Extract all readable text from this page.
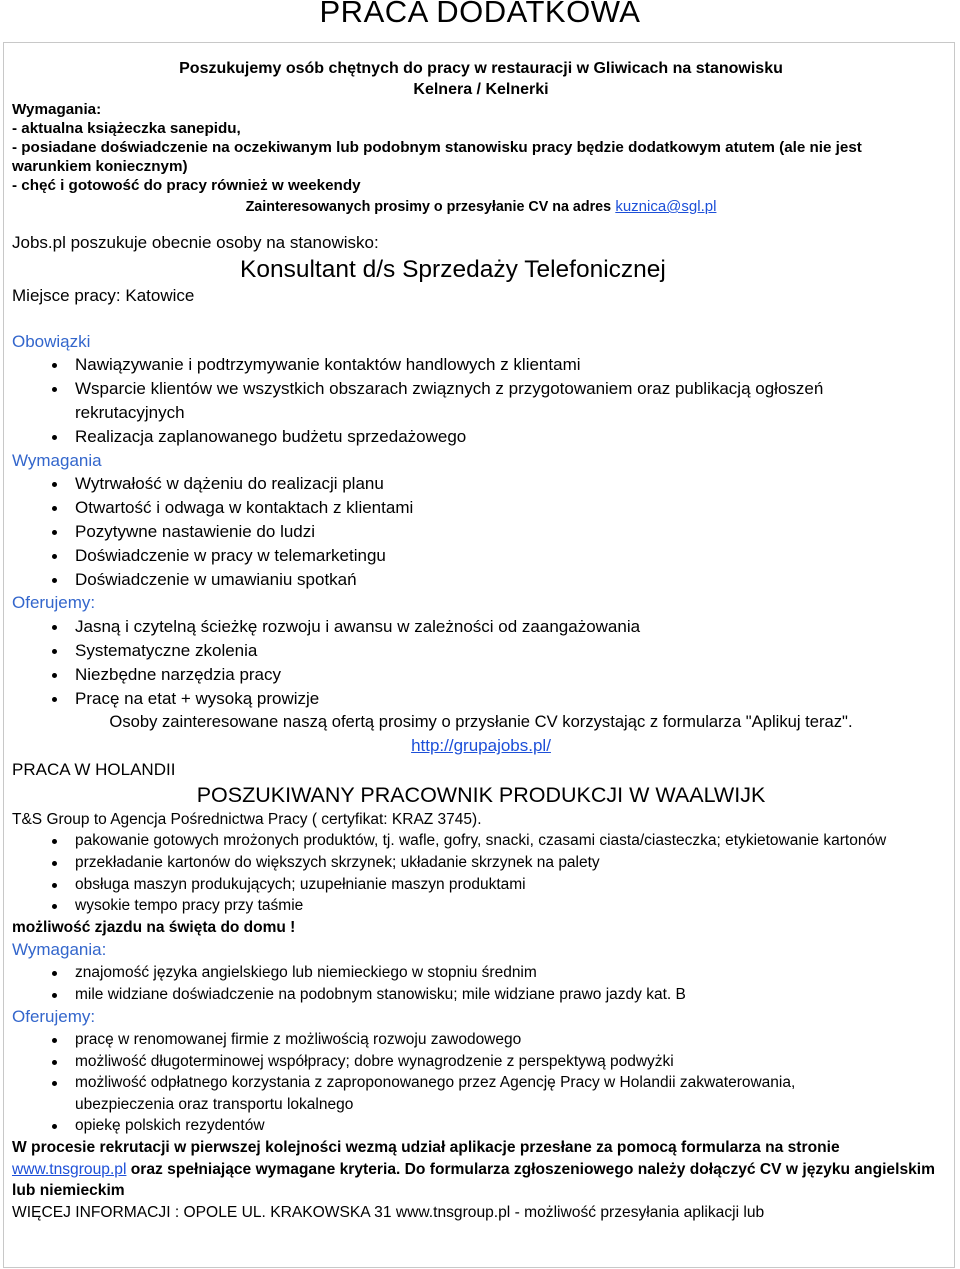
PRACA DODATKOWA
Poszukujemy osób chętnych do pracy w restauracji w Gliwicach na stanowisku
Kelnera / Kelnerki
Wymagania:
- aktualna książeczka sanepidu,
- posiadane doświadczenie na oczekiwanym lub podobnym stanowisku pracy będzie dodatkowym atutem (ale nie jest warunkiem koniecznym)
- chęć i gotowość do pracy również w weekendy
Zainteresowanych prosimy o przesyłanie CV na adres kuznica@sgl.pl
Jobs.pl poszukuje obecnie osoby na stanowisko:
Konsultant d/s Sprzedaży Telefonicznej
Miejsce pracy: Katowice
Obowiązki
Nawiązywanie i podtrzymywanie kontaktów handlowych z klientami
Wsparcie klientów we wszystkich obszarach związnych z przygotowaniem oraz publikacją ogłoszeń rekrutacyjnych
Realizacja zaplanowanego budżetu sprzedażowego
Wymagania
Wytrwałość w dążeniu do realizacji planu
Otwartość i odwaga w kontaktach z klientami
Pozytywne nastawienie do ludzi
Doświadczenie w pracy w telemarketingu
Doświadczenie w umawianiu spotkań
Oferujemy:
Jasną i czytelną ścieżkę rozwoju i awansu w zależności od zaangażowania
Systematyczne zkolenia
Niezbędne narzędzia pracy
Pracę na etat + wysoką prowizje
Osoby zainteresowane naszą ofertą prosimy o przysłanie CV korzystając z formularza "Aplikuj teraz".
http://grupajobs.pl/
PRACA W HOLANDII
POSZUKIWANY PRACOWNIK PRODUKCJI W WAALWIJK
T&S Group to Agencja Pośrednictwa Pracy ( certyfikat: KRAZ 3745).
pakowanie gotowych mrożonych produktów, tj. wafle, gofry, snacki, czasami ciasta/ciasteczka; etykietowanie kartonów
przekładanie kartonów do większych skrzynek; układanie skrzynek na palety
obsługa maszyn produkujących; uzupełnianie maszyn produktami
wysokie tempo pracy przy taśmie
możliwość zjazdu na święta do domu !
Wymagania:
znajomość języka angielskiego lub niemieckiego w stopniu średnim
mile widziane doświadczenie na podobnym stanowisku; mile widziane prawo jazdy kat. B
Oferujemy:
pracę w renomowanej firmie z możliwością rozwoju zawodowego
możliwość długoterminowej współpracy; dobre wynagrodzenie z perspektywą podwyżki
możliwość odpłatnego korzystania z zaproponowanego przez Agencję Pracy w Holandii zakwaterowania, ubezpieczenia oraz transportu lokalnego
opiekę polskich rezydentów
W procesie rekrutacji w pierwszej kolejności wezmą udział aplikacje przesłane za pomocą formularza na stronie www.tnsgroup.pl oraz spełniające wymagane kryteria. Do formularza zgłoszeniowego należy dołączyć CV w języku angielskim lub niemieckim
WIĘCEJ INFORMACJI : OPOLE UL. KRAKOWSKA 31 www.tnsgroup.pl - możliwość przesyłania aplikacji lub
